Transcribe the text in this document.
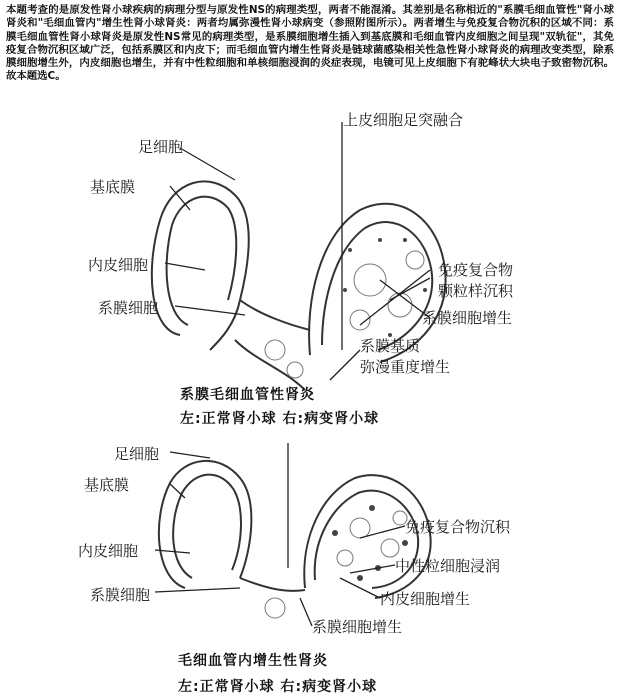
本题考查的是原发性肾小球疾病的病理分型与原发性NS的病理类型，两者不能混淆。其差别是名称相近的"系膜毛细血管性"肾小球肾炎和"毛细血管内"增生性肾小球肾炎：两者均属弥漫性肾小球病变（参照附图所示）。两者增生与免疫复合物沉积的区域不同：系膜毛细血管性肾小球肾炎是原发性NS常见的病理类型，是系膜细胞增生插入到基底膜和毛细血管内皮细胞之间呈现"双轨征"，其免疫复合物沉积区域广泛，包括系膜区和内皮下；而毛细血管内增生性肾炎是链球菌感染相关性急性肾小球肾炎的病理改变类型，除系膜细胞增生外，内皮细胞也增生，并有中性粒细胞和单核细胞浸润的炎症表现，电镜可见上皮细胞下有驼峰状大块电子致密物沉积。故本题选C。

上皮细胞足突融合
足细胞
基底膜
内皮细胞
系膜细胞
免疫复合物
颗粒样沉积
系膜细胞增生
系膜基质
弥漫重度增生
系膜毛细血管性肾炎
左:正常肾小球 右:病变肾小球
足细胞
基底膜
内皮细胞
系膜细胞
免疫复合物沉积
中性粒细胞浸润
内皮细胞增生
系膜细胞增生
毛细血管内增生性肾炎
左:正常肾小球 右:病变肾小球
